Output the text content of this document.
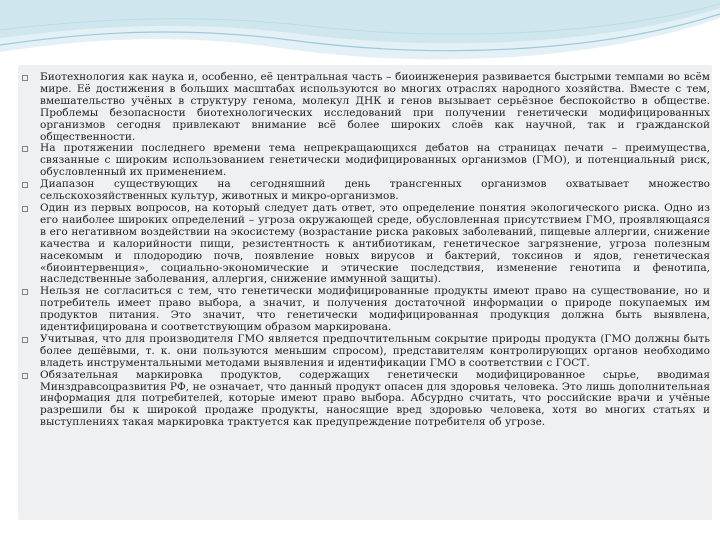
Биотехнология как наука и, особенно, её центральная часть – биоинженерия развивается быстрыми темпами во всём мире. Её достижения в больших масштабах используются во многих отраслях народного хозяйства. Вместе с тем, вмешательство учёных в структуру генома, молекул ДНК и генов вызывает серьёзное беспокойство в обществе. Проблемы безопасности биотехнологических исследований при получении генетически модифицированных организмов сегодня привлекают внимание всё более широких слоёв как научной, так и гражданской общественности.
На протяжении последнего времени тема непрекращающихся дебатов на страницах печати – преимущества, связанные с широким использованием генетически модифицированных организмов (ГМО), и потенциальный риск, обусловленный их применением.
Диапазон существующих на сегодняшний день трансгенных организмов охватывает множество сельскохозяйственных культур, животных и микро-организмов.
Один из первых вопросов, на который следует дать ответ, это определение понятия экологического риска. Одно из его наиболее широких определений – угроза окружающей среде, обусловленная присутствием ГМО, проявляющаяся в его негативном воздействии на экосистему (возрастание риска раковых заболеваний, пищевые аллергии, снижение качества и калорийности пищи, резистентность к антибиотикам, генетическое загрязнение, угроза полезным насекомым и плодородию почв, появление новых вирусов и бактерий, токсинов и ядов, генетическая «биоинтервенция», социально-экономические и этические последствия, изменение генотипа и фенотипа, наследственные заболевания, аллергия, снижение иммунной защиты).
Нельзя не согласиться с тем, что генетически модифицированные продукты имеют право на существование, но и потребитель имеет право выбора, а значит, и получения достаточной информации о природе покупаемых им продуктов питания. Это значит, что генетически модифицированная продукция должна быть выявлена, идентифицирована и соответствующим образом маркирована.
Учитывая, что для производителя ГМО является предпочтительным сокрытие природы продукта (ГМО должны быть более дешёвыми, т. к. они пользуются меньшим спросом), представителям контролирующих органов необходимо владеть инструментальными методами выявления и идентификации ГМО в соответствии с ГОСТ.
Обязательная маркировка продуктов, содержащих генетически модифицированное сырье, вводимая Минздравсоцразвития РФ, не означает, что данный продукт опасен для здоровья человека. Это лишь дополнительная информация для потребителей, которые имеют право выбора. Абсурдно считать, что российские врачи и учёные разрешили бы к широкой продаже продукты, наносящие вред здоровью человека, хотя во многих статьях и выступлениях такая маркировка трактуется как предупреждение потребителя об угрозе.
